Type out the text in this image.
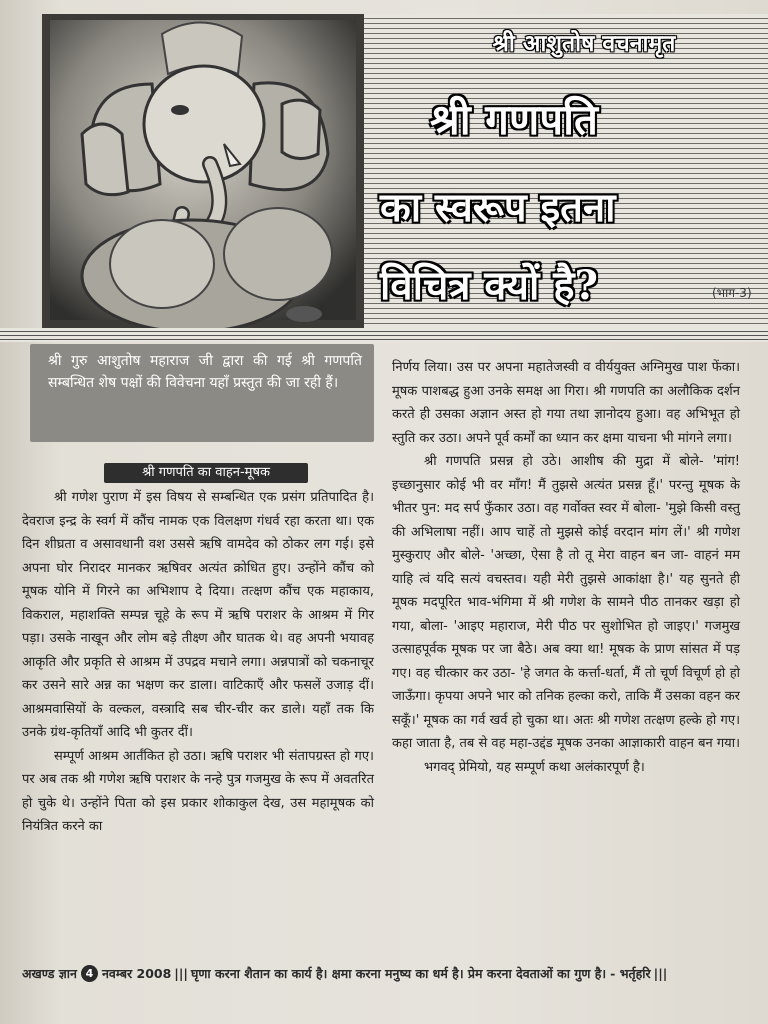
श्री आशुतोष वचनामृत
श्री गणपति
का स्वरूप इतना
विचित्र क्यों है?	(भाग-3)

श्री गुरु आशुतोष महाराज जी द्वारा की गई श्री गणपति सम्बन्धित शेष पक्षों की विवेचना यहाँ प्रस्तुत की जा रही हैं।

श्री गणपति का वाहन-मूषक

श्री गणेश पुराण में इस विषय से सम्बन्धित एक प्रसंग प्रतिपादित है। देवराज इन्द्र के स्वर्ग में कौंच नामक एक विलक्षण गंधर्व रहा करता था। एक दिन शीघ्रता व असावधानी वश उससे ऋषि वामदेव को ठोकर लग गई। इसे अपना घोर निरादर मानकर ऋषिवर अत्यंत क्रोधित हुए। उन्होंने कौंच को मूषक योनि में गिरने का अभिशाप दे दिया। तत्क्षण कौंच एक महाकाय, विकराल, महाशक्ति सम्पन्न चूहे के रूप में ऋषि पराशर के आश्रम में गिर पड़ा। उसके नाखून और लोम बड़े तीक्ष्ण और घातक थे। वह अपनी भयावह आकृति और प्रकृति से आश्रम में उपद्रव मचाने लगा। अन्नपात्रों को चकनाचूर कर उसने सारे अन्न का भक्षण कर डाला। वाटिकाएँ और फसलें उजाड़ दीं। आश्रमवासियों के वल्कल, वस्त्रादि सब चीर-चीर कर डाले। यहाँ तक कि उनके ग्रंथ-कृतियाँ आदि भी कुतर दीं।

सम्पूर्ण आश्रम आर्तंकित हो उठा। ऋषि पराशर भी संतापग्रस्त हो गए। पर अब तक श्री गणेश ऋषि पराशर के नन्हे पुत्र गजमुख के रूप में अवतरित हो चुके थे। उन्होंने पिता को इस प्रकार शोकाकुल देख, उस महामूषक को नियंत्रित करने का

निर्णय लिया। उस पर अपना महातेजस्वी व वीर्ययुक्त अग्निमुख पाश फेंका। मूषक पाशबद्ध हुआ उनके समक्ष आ गिरा। श्री गणपति का अलौकिक दर्शन करते ही उसका अज्ञान अस्त हो गया तथा ज्ञानोदय हुआ। वह अभिभूत हो स्तुति कर उठा। अपने पूर्व कर्मों का ध्यान कर क्षमा याचना भी मांगने लगा।

श्री गणपति प्रसन्न हो उठे। आशीष की मुद्रा में बोले- 'मांग! इच्छानुसार कोई भी वर माँग! मैं तुझसे अत्यंत प्रसन्न हूँ।' परन्तु मूषक के भीतर पुन: मद सर्प फुँकार उठा। वह गर्वोक्त स्वर में बोला- 'मुझे किसी वस्तु की अभिलाषा नहीं। आप चाहें तो मुझसे कोई वरदान मांग लें।' श्री गणेश मुस्कुराए और बोले- 'अच्छा, ऐसा है तो तू मेरा वाहन बन जा- वाहनं मम याहि त्वं यदि सत्यं वचस्तव। यही मेरी तुझसे आकांक्षा है।' यह सुनते ही मूषक मदपूरित भाव-भंगिमा में श्री गणेश के सामने पीठ तानकर खड़ा हो गया, बोला- 'आइए महाराज, मेरी पीठ पर सुशोभित हो जाइए।' गजमुख उत्साहपूर्वक मूषक पर जा बैठे। अब क्या था! मूषक के प्राण सांसत में पड़ गए। वह चीत्कार कर उठा- 'हे जगत के कर्त्ता-धर्ता, मैं तो चूर्ण विचूर्ण हो हो जाऊँगा। कृपया अपने भार को तनिक हल्का करो, ताकि मैं उसका वहन कर सकूँ।' मूषक का गर्व खर्व हो चुका था। अतः श्री गणेश तत्क्षण हल्के हो गए। कहा जाता है, तब से वह महा-उद्दंड मूषक उनका आज्ञाकारी वाहन बन गया।

भगवद् प्रेमियो, यह सम्पूर्ण कथा अलंकारपूर्ण है।

अखण्ड ज्ञान 4 नवम्बर 2008 ||| घृणा करना शैतान का कार्य है। क्षमा करना मनुष्य का धर्म है। प्रेम करना देवताओं का गुण है। - भर्तृहरि |||
